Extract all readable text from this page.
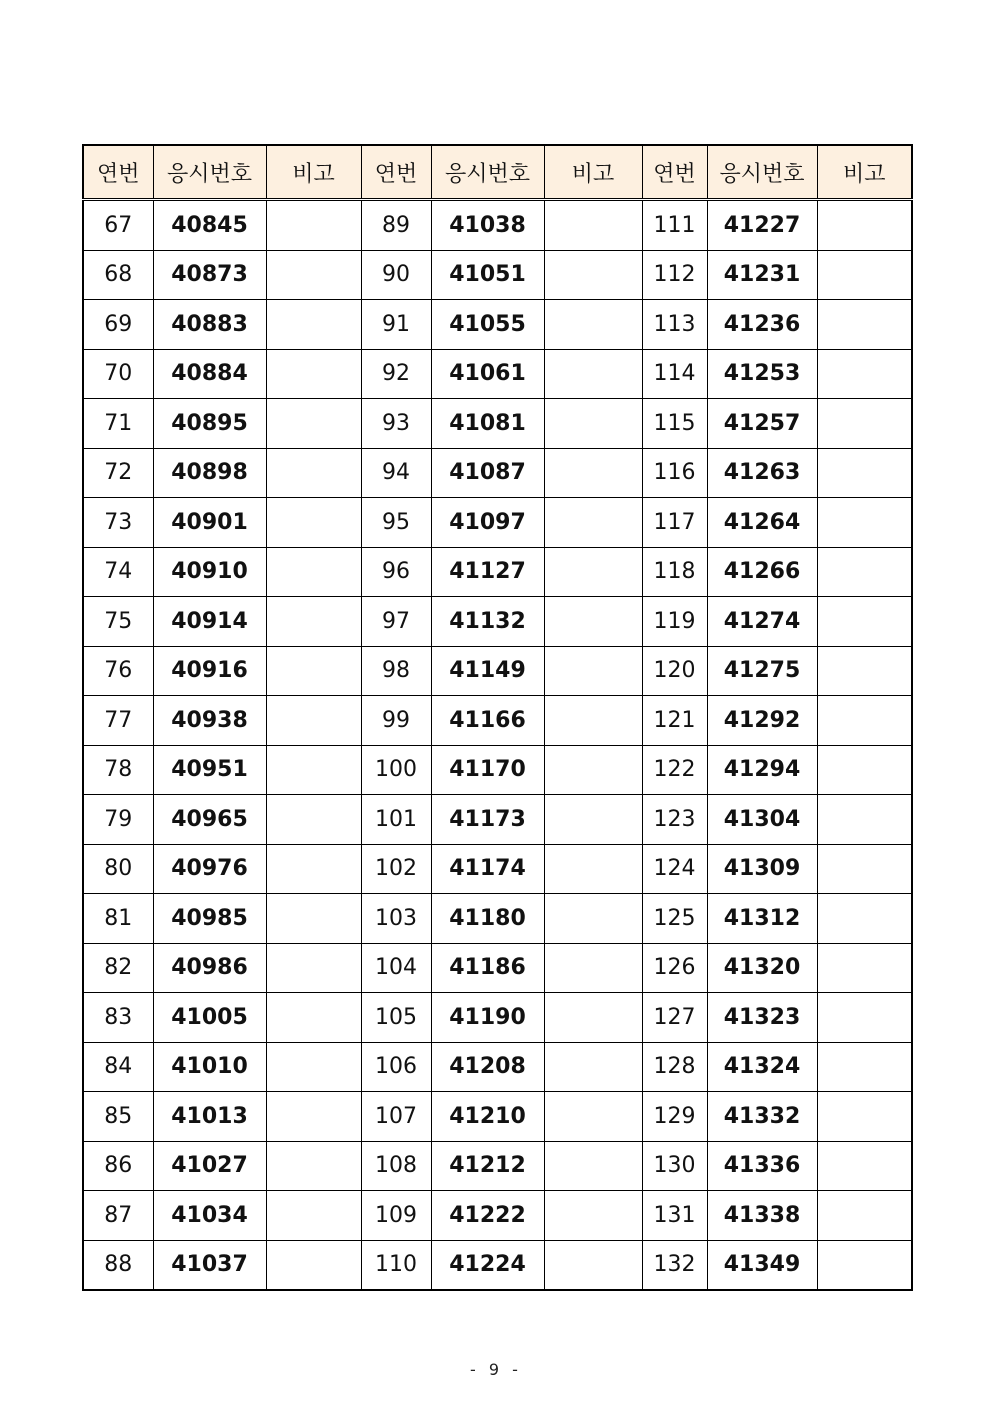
연번	응시번호	비고	연번	응시번호	비고	연번	응시번호	비고
67	40845		89	41038		111	41227	
68	40873		90	41051		112	41231	
69	40883		91	41055		113	41236	
70	40884		92	41061		114	41253	
71	40895		93	41081		115	41257	
72	40898		94	41087		116	41263	
73	40901		95	41097		117	41264	
74	40910		96	41127		118	41266	
75	40914		97	41132		119	41274	
76	40916		98	41149		120	41275	
77	40938		99	41166		121	41292	
78	40951		100	41170		122	41294	
79	40965		101	41173		123	41304	
80	40976		102	41174		124	41309	
81	40985		103	41180		125	41312	
82	40986		104	41186		126	41320	
83	41005		105	41190		127	41323	
84	41010		106	41208		128	41324	
85	41013		107	41210		129	41332	
86	41027		108	41212		130	41336	
87	41034		109	41222		131	41338	
88	41037		110	41224		132	41349	
- 9 -
